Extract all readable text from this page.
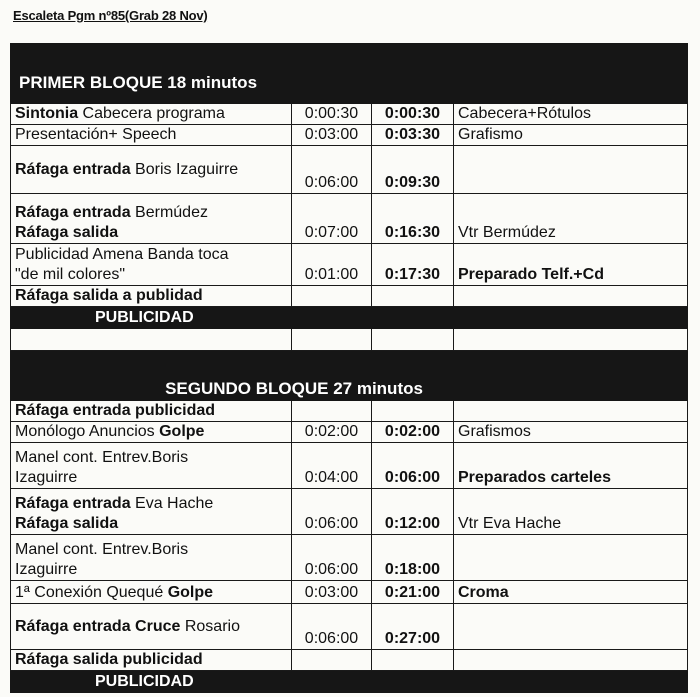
Escaleta Pgm nº85(Grab 28 Nov)
PRIMER BLOQUE 18 minutos			
Sintonia Cabecera programa	0:00:30	0:00:30	Cabecera+Rótulos
Presentación+ Speech	0:03:00	0:03:30	Grafismo
Ráfaga entrada Boris Izaguirre	0:06:00	0:09:30	

Ráfaga entrada Bermúdez
Ráfaga salida	0:07:00	0:16:30	Vtr Bermúdez

Publicidad Amena Banda toca
"de mil colores"	0:01:00	0:17:30	Preparado Telf.+Cd
Ráfaga salida a publidad			
PUBLICIDAD			

SEGUNDO BLOQUE 27 minutos			
Ráfaga entrada publicidad			
Monólogo Anuncios Golpe	0:02:00	0:02:00	Grafismos

Manel cont. Entrev.Boris
Izaguirre	0:04:00	0:06:00	Preparados carteles

Ráfaga entrada Eva Hache
Ráfaga salida	0:06:00	0:12:00	Vtr Eva Hache

Manel cont. Entrev.Boris
Izaguirre	0:06:00	0:18:00	
1ª Conexión Quequé Golpe	0:03:00	0:21:00	Croma
Ráfaga entrada Cruce Rosario	0:06:00	0:27:00	
Ráfaga salida publicidad			
PUBLICIDAD			
